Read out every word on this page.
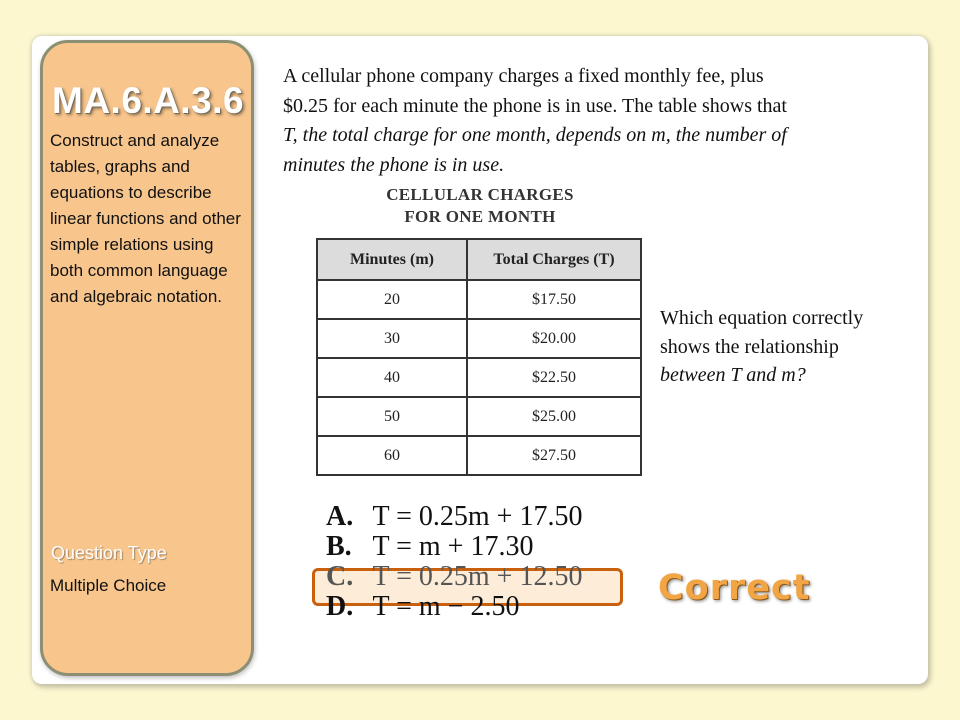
MA.6.A.3.6
Construct and analyze tables, graphs and equations to describe linear functions and other simple relations using both common language and algebraic notation.
Question Type
Multiple Choice
A cellular phone company charges a fixed monthly fee, plus
$0.25 for each minute the phone is in use. The table shows that
T, the total charge for one month, depends on m, the number of
minutes the phone is in use.
CELLULAR CHARGES
FOR ONE MONTH
Minutes (m)	Total Charges (T)
20	$17.50
30	$20.00
40	$22.50
50	$25.00
60	$27.50
Which equation correctly
shows the relationship
between T and m?
A. T = 0.25m + 17.50
B. T = m + 17.30
C. T = 0.25m + 12.50
D. T = m − 2.50	Correct
